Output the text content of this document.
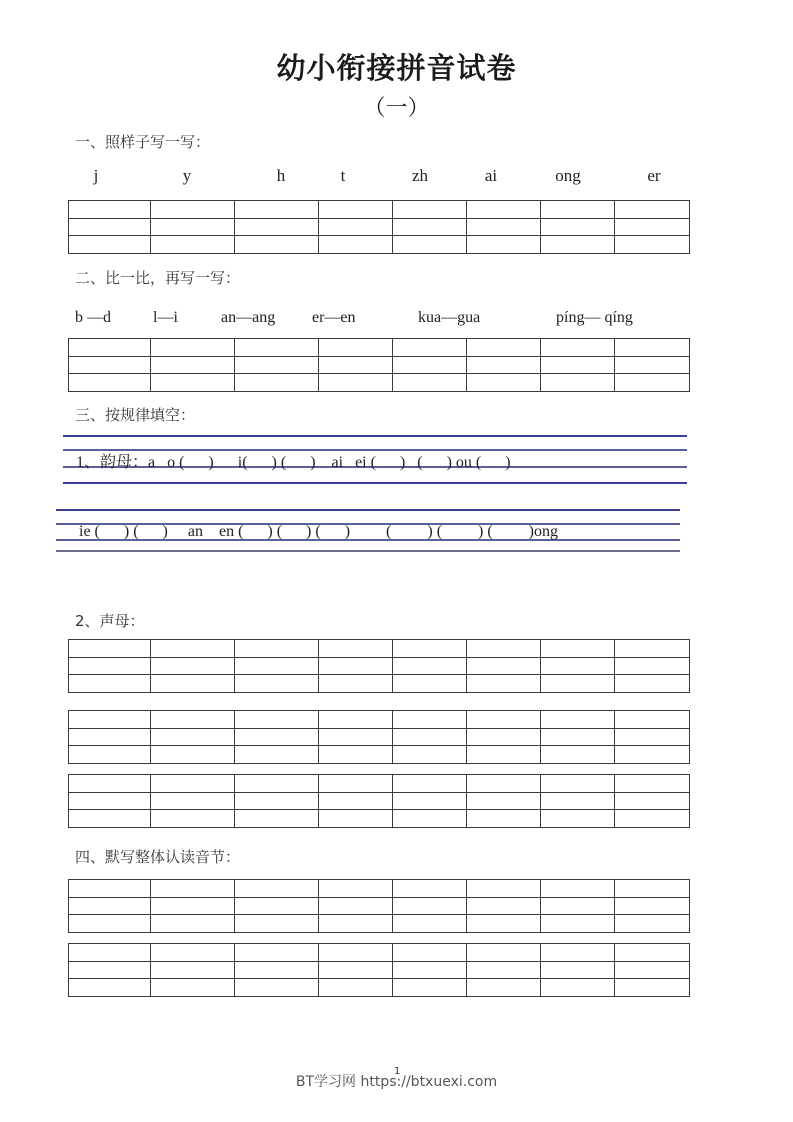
幼小衔接拼音试卷
（一）
一、照样子写一写：
j	y	h	t	zh	ai	ong	er

二、比一比，再写一写：
b —d	l—i	an—ang er—en	kua—gua	píng— qíng

三、按规律填空：
1、韵母：a   o (      )      i(      ) (      )    ai   ei (      )   (      ) ou (      )
ie (      ) (      )     an    en (      ) (      ) (      )         (         ) (         ) (         )ong
2、声母：

四、默写整体认读音节：

BT学习网 https://btxuexi.com
1
